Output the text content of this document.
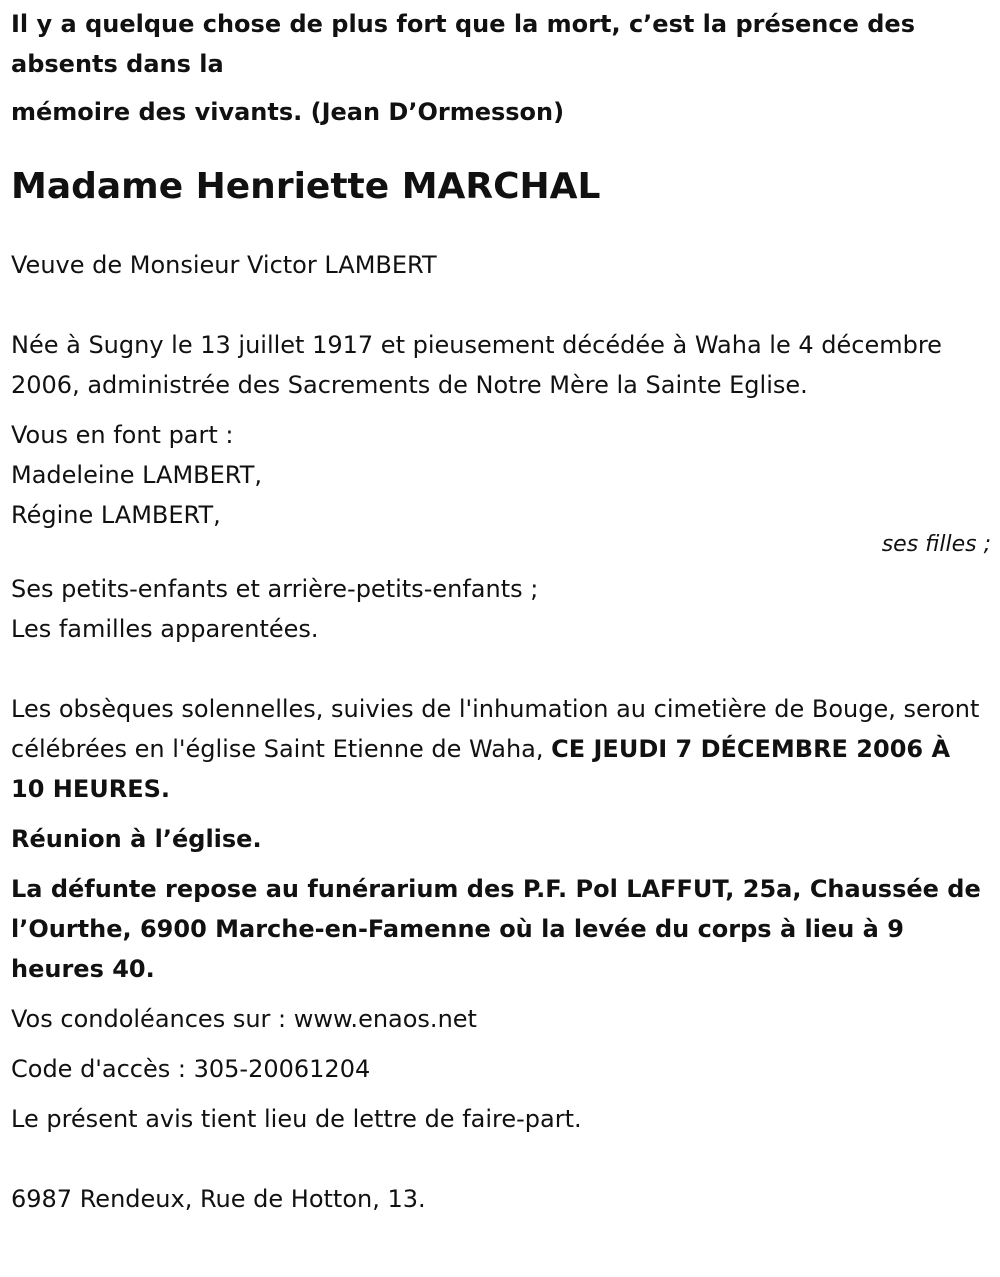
Il y a quelque chose de plus fort que la mort, c’est la présence des absents dans la

mémoire des vivants. (Jean D’Ormesson)

Madame Henriette MARCHAL

Veuve de Monsieur Victor LAMBERT

Née à Sugny le 13 juillet 1917 et pieusement décédée à Waha le 4 décembre 2006, administrée des Sacrements de Notre Mère la Sainte Eglise.

Vous en font part :

Madeleine LAMBERT,

Régine LAMBERT,

ses filles ;

Ses petits-enfants et arrière-petits-enfants ;

Les familles apparentées.

Les obsèques solennelles, suivies de l'inhumation au cimetière de Bouge, seront célébrées en l'église Saint Etienne de Waha, CE JEUDI 7 DÉCEMBRE 2006 À 10 HEURES.

Réunion à l’église.

La défunte repose au funérarium des P.F. Pol LAFFUT, 25a, Chaussée de l’Ourthe, 6900 Marche-en-Famenne où la levée du corps à lieu à 9 heures 40.

Vos condoléances sur : www.enaos.net

Code d'accès : 305-20061204

Le présent avis tient lieu de lettre de faire-part.

6987 Rendeux, Rue de Hotton, 13.
